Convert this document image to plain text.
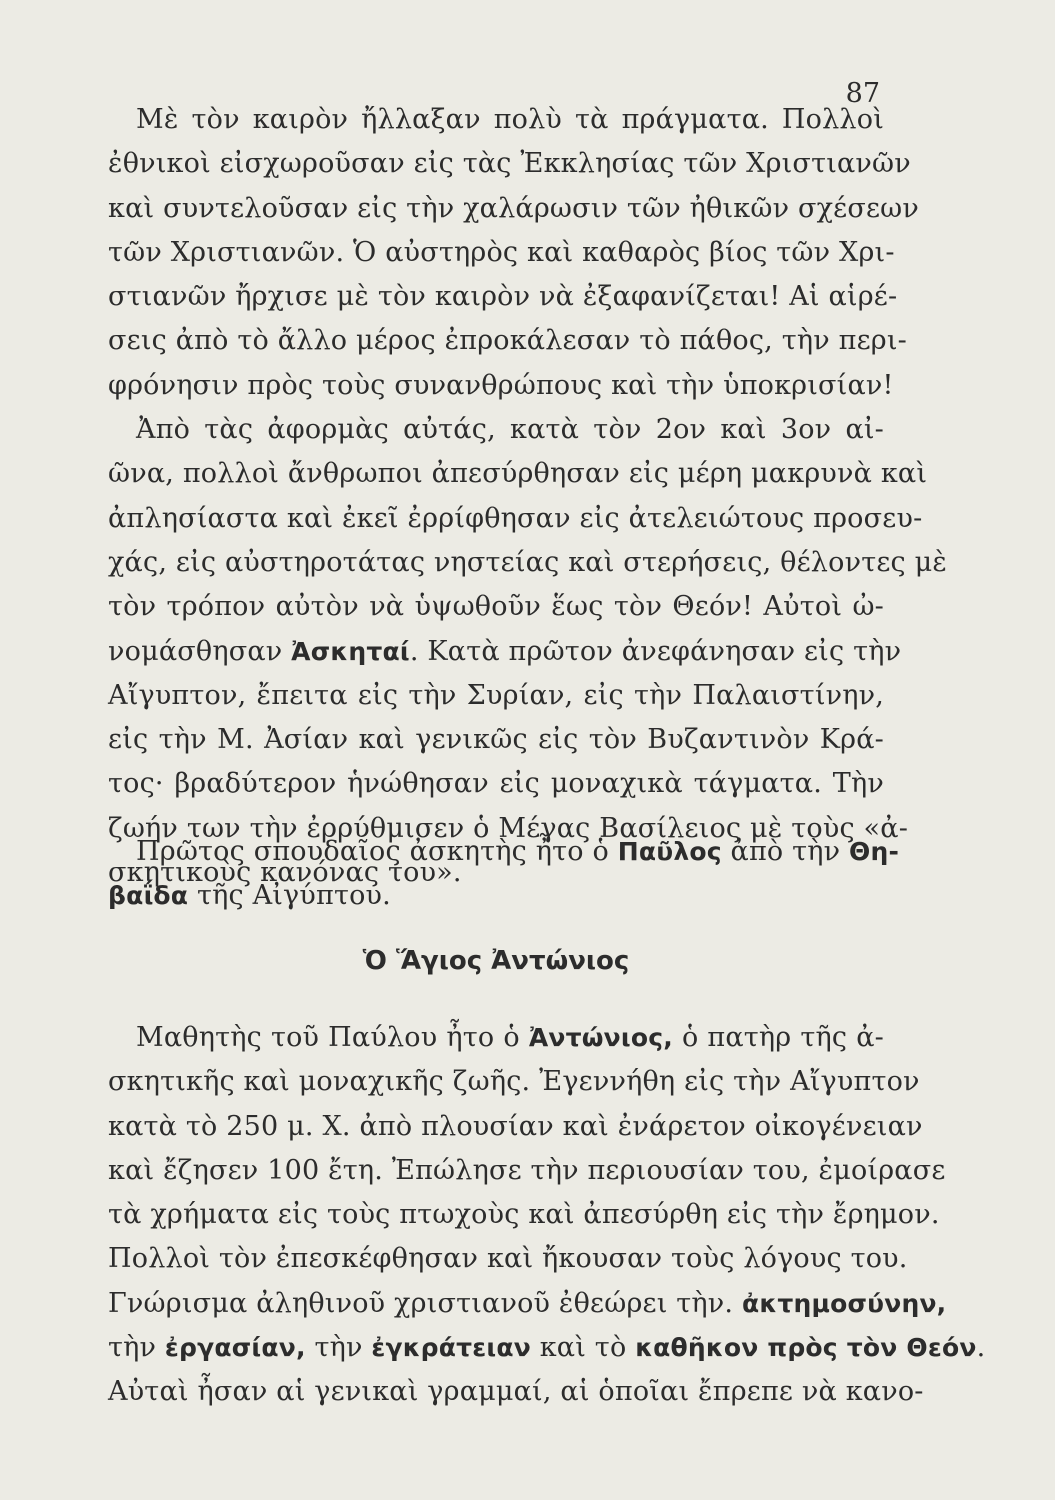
87
Μὲ τὸν καιρὸν ἤλλαξαν πολὺ τὰ πράγματα. Πολλοὶ
ἐθνικοὶ εἰσχωροῦσαν εἰς τὰς Ἐκκλησίας τῶν Χριστιανῶν
καὶ συντελοῦσαν εἰς τὴν χαλάρωσιν τῶν ἠθικῶν σχέσεων
τῶν Χριστιανῶν. Ὁ αὐστηρὸς καὶ καθαρὸς βίος τῶν Χρι-
στιανῶν ἤρχισε μὲ τὸν καιρὸν νὰ ἐξαφανίζεται! Αἱ αἱρέ-
σεις ἀπὸ τὸ ἄλλο μέρος ἐπροκάλεσαν τὸ πάθος, τὴν περι-
φρόνησιν πρὸς τοὺς συνανθρώπους καὶ τὴν ὑποκρισίαν!
Ἀπὸ τὰς ἀφορμὰς αὐτάς, κατὰ τὸν 2ον καὶ 3ον αἰ-
ῶνα, πολλοὶ ἄνθρωποι ἀπεσύρθησαν εἰς μέρη μακρυνὰ καὶ
ἀπλησίαστα καὶ ἐκεῖ ἐρρίφθησαν εἰς ἀτελειώτους προσευ-
χάς, εἰς αὐστηροτάτας νηστείας καὶ στερήσεις, θέλοντες μὲ
τὸν τρόπον αὐτὸν νὰ ὑψωθοῦν ἕως τὸν Θεόν! Αὐτοὶ ὠ-
νομάσθησαν Ἀσκηταί. Κατὰ πρῶτον ἀνεφάνησαν εἰς τὴν
Αἴγυπτον, ἔπειτα εἰς τὴν Συρίαν, εἰς τὴν Παλαιστίνην,
εἰς τὴν Μ. Ἀσίαν καὶ γενικῶς εἰς τὸν Βυζαντινὸν Κρά-
τος· βραδύτερον ἡνώθησαν εἰς μοναχικὰ τάγματα. Τὴν
ζωήν των τὴν ἐρρύθμισεν ὁ Μέγας Βασίλειος μὲ τοὺς «ἀ-
σκητικοὺς κανόνας του».
Πρῶτος σπουδαῖος ἀσκητὴς ἦτο ὁ Παῦλος ἀπὸ τὴν Θη-
βαΐδα τῆς Αἰγύπτου.
Ὁ Ἅγιος Ἀντώνιος
Μαθητὴς τοῦ Παύλου ἦτο ὁ Ἀντώνιος, ὁ πατὴρ τῆς ἀ-
σκητικῆς καὶ μοναχικῆς ζωῆς. Ἐγεννήθη εἰς τὴν Αἴγυπτον
κατὰ τὸ 250 μ. Χ. ἀπὸ πλουσίαν καὶ ἐνάρετον οἰκογένειαν
καὶ ἔζησεν 100 ἔτη. Ἐπώλησε τὴν περιουσίαν του, ἐμοίρασε
τὰ χρήματα εἰς τοὺς πτωχοὺς καὶ ἀπεσύρθη εἰς τὴν ἔρημον.
Πολλοὶ τὸν ἐπεσκέφθησαν καὶ ἤκουσαν τοὺς λόγους του.
Γνώρισμα ἀληθινοῦ χριστιανοῦ ἐθεώρει τὴν. ἀκτημοσύνην,
τὴν ἐργασίαν, τὴν ἐγκράτειαν καὶ τὸ καθῆκον πρὸς τὸν Θεόν.
Αὐταὶ ἦσαν αἱ γενικαὶ γραμμαί, αἱ ὁποῖαι ἔπρεπε νὰ κανο-
